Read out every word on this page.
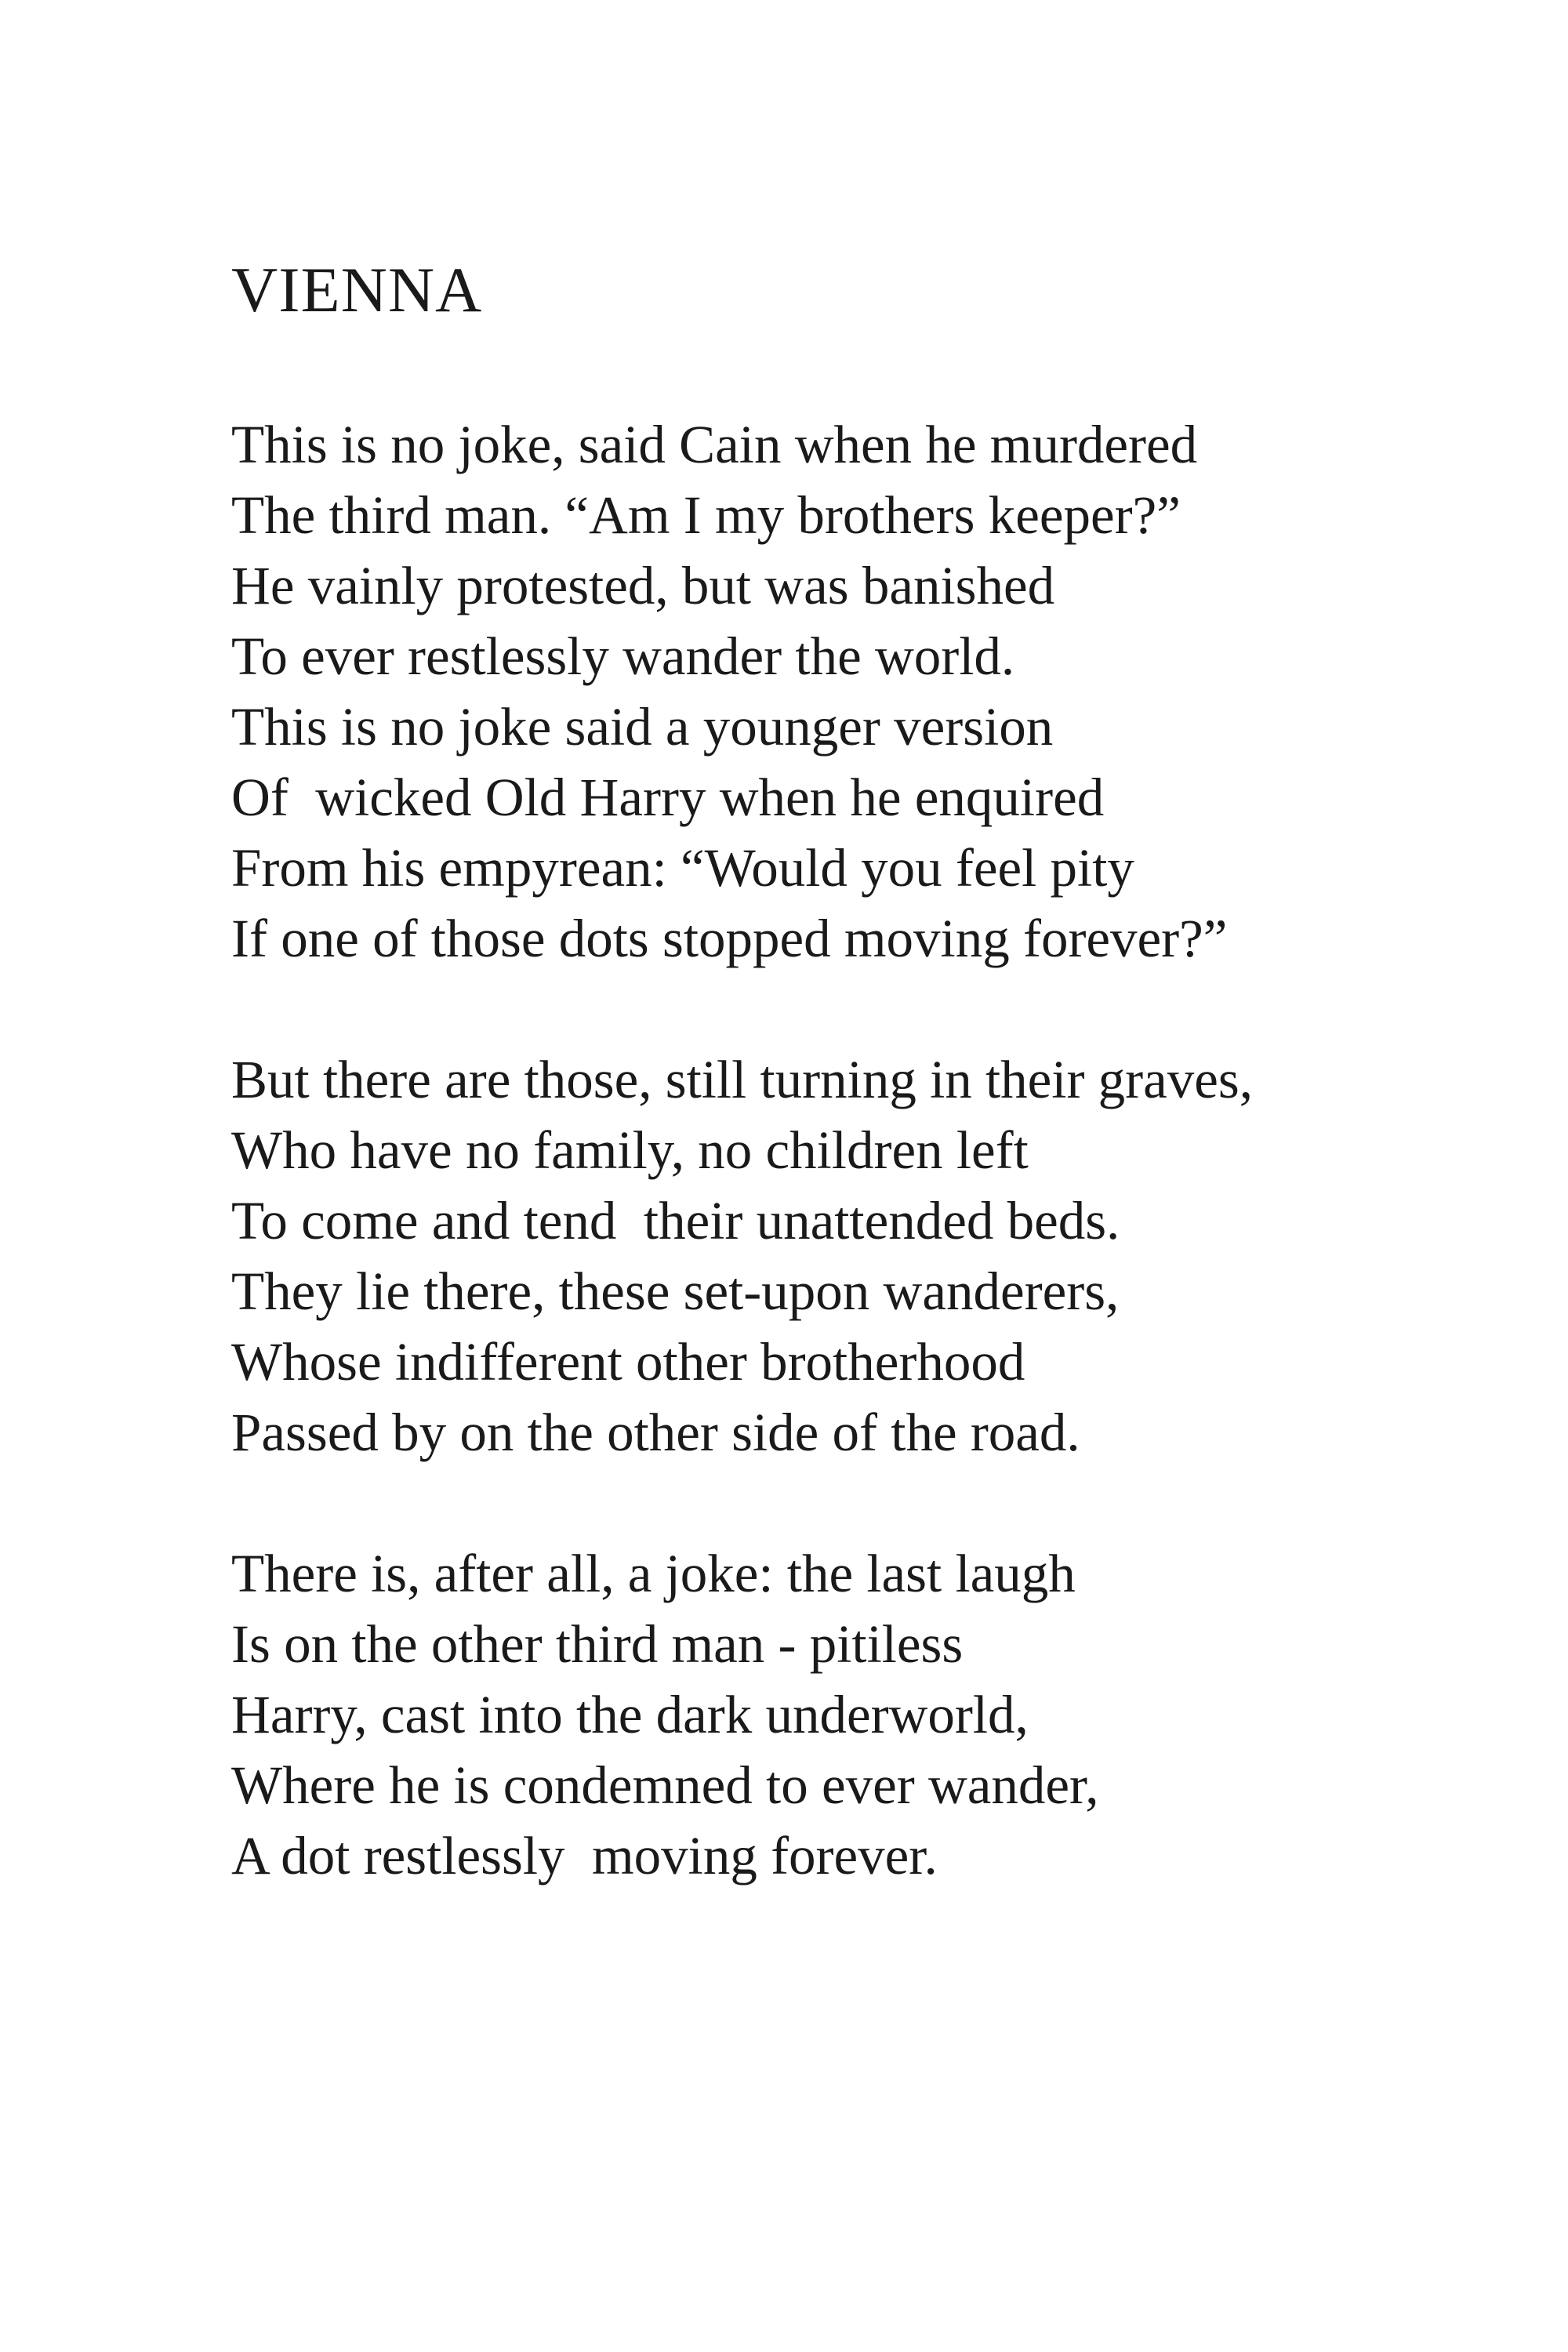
VIENNA
This is no joke, said Cain when he murdered
The third man. “Am I my brothers keeper?”
He vainly protested, but was banished
To ever restlessly wander the world.
This is no joke said a younger version
Of  wicked Old Harry when he enquired
From his empyrean: “Would you feel pity
If one of those dots stopped moving forever?”
But there are those, still turning in their graves,
Who have no family, no children left
To come and tend  their unattended beds.
They lie there, these set-upon wanderers,
Whose indifferent other brotherhood
Passed by on the other side of the road.
There is, after all, a joke: the last laugh
Is on the other third man - pitiless
Harry, cast into the dark underworld,
Where he is condemned to ever wander,
A dot restlessly  moving forever.
